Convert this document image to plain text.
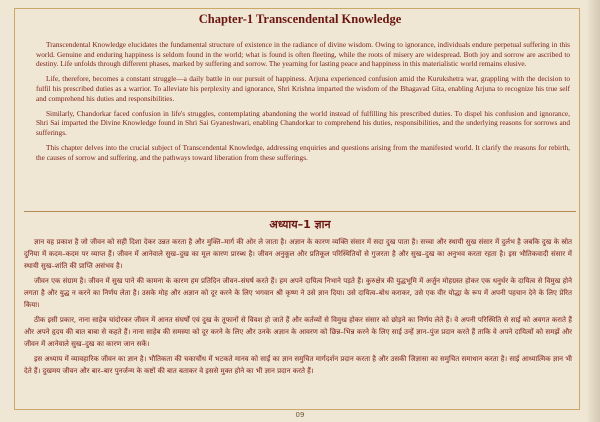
Chapter-1 Transcendental Knowledge

Transcendental Knowledge elucidates the fundamental structure of existence in the radiance of divine wisdom. Owing to ignorance, individuals endure perpetual suffering in this world. Genuine and enduring happiness is seldom found in the world; what is found is often fleeting, while the roots of misery are widespread. Both joy and sorrow are ascribed to destiny. Life unfolds through different phases, marked by suffering and sorrow. The yearning for lasting peace and happiness in this materialistic world remains elusive.

Life, therefore, becomes a constant struggle—a daily battle in our pursuit of happiness. Arjuna experienced confusion amid the Kurukshetra war, grappling with the decision to fulfil his prescribed duties as a warrior. To alleviate his perplexity and ignorance, Shri Krishna imparted the wisdom of the Bhagavad Gita, enabling Arjuna to recognize his true self and comprehend his duties and responsibilities.

Similarly, Chandorkar faced confusion in life's struggles, contemplating abandoning the world instead of fulfilling his prescribed duties. To dispel his confusion and ignorance, Shri Sai imparted the Divine Knowledge found in Shri Sai Gyaneshwari, enabling Chandorkar to comprehend his duties, responsibilities, and the underlying reasons for sorrows and sufferings.

This chapter delves into the crucial subject of Transcendental Knowledge, addressing enquiries and questions arising from the manifested world. It clarify the reasons for rebirth, the causes of sorrow and suffering, and the pathways toward liberation from these sufferings.

अध्याय–1 ज्ञान

ज्ञान वह प्रकाश है जो जीवन को सही दिशा देकर उन्नत करता है और मुक्ति–मार्ग की ओर ले जाता है। अज्ञान के कारण व्यक्ति संसार में सदा दुख पाता है। सच्चा और स्थायी सुख संसार में दुर्लभ है जबकि दुख के स्रोत दुनिया में कदम–कदम पर व्याप्त हैं। जीवन में आनेवाले सुख–दुख का मूल कारण प्रारब्ध है। जीवन अनुकूल और प्रतिकूल परिस्थितियों से गुजरता है और सुख–दुख का अनुभव करता रहता है। इस भौतिकवादी संसार में स्थायी सुख–शांति की प्राप्ति असंभव है।

जीवन एक संग्राम है। जीवन में सुख पाने की कामना के कारण हम प्रतिदिन जीवन–संघर्ष करते हैं। हम अपने दायित्व निभाने पड़ते हैं। कुरुक्षेत्र की युद्धभूमि में अर्जुन मोहग्रस्त होकर एक धनुर्धर के दायित्व से विमुख होने लगता है और युद्ध न करने का निर्णय लेता है। उसके मोह और अज्ञान को दूर करने के लिए भगवान श्री कृष्ण ने उसे ज्ञान दिया। उसे दायित्व–बोध कराकर, उसे एक वीर योद्धा के रूप में अपनी पहचान देने के लिए प्रेरित किया।

ठीक इसी प्रकार, नाना साहेब चांदोरकर जीवन में आनत संघर्षों एवं दुख के तूफानों से विवश हो जाते हैं और कर्तव्यों से विमुख होकर संसार को छोड़ने का निर्णय लेते हैं। वे अपनी परिस्थिति से साई को अवगत कराते हैं और अपने हृदय की बात बाबा से कहते हैं। नाना साहेब की समस्या को दूर करने के लिए और उनके अज्ञान के आवरण को छिन्न–भिन्न करने के लिए साई उन्हें ज्ञान–पुंज प्रदान करते हैं ताकि वे अपने दायित्वों को समझें और जीवन में आनेवाले सुख–दुख का कारण जान सकें।

इस अध्याय में व्यावहारिक जीवन का ज्ञान है। भौतिकता की चकाचौंध में भटकते मानव को साईं का ज्ञान समुचित मार्गदर्शन प्रदान करता है और उसकी जिज्ञासा का समुचित समाधान करता है। साई आध्यात्मिक ज्ञान भी देते हैं। दुखमय जीवन और बार–बार पुनर्जन्म के कष्टों की बात बताकर वे इससे मुक्त होने का भी ज्ञान प्रदान करते हैं।

09
